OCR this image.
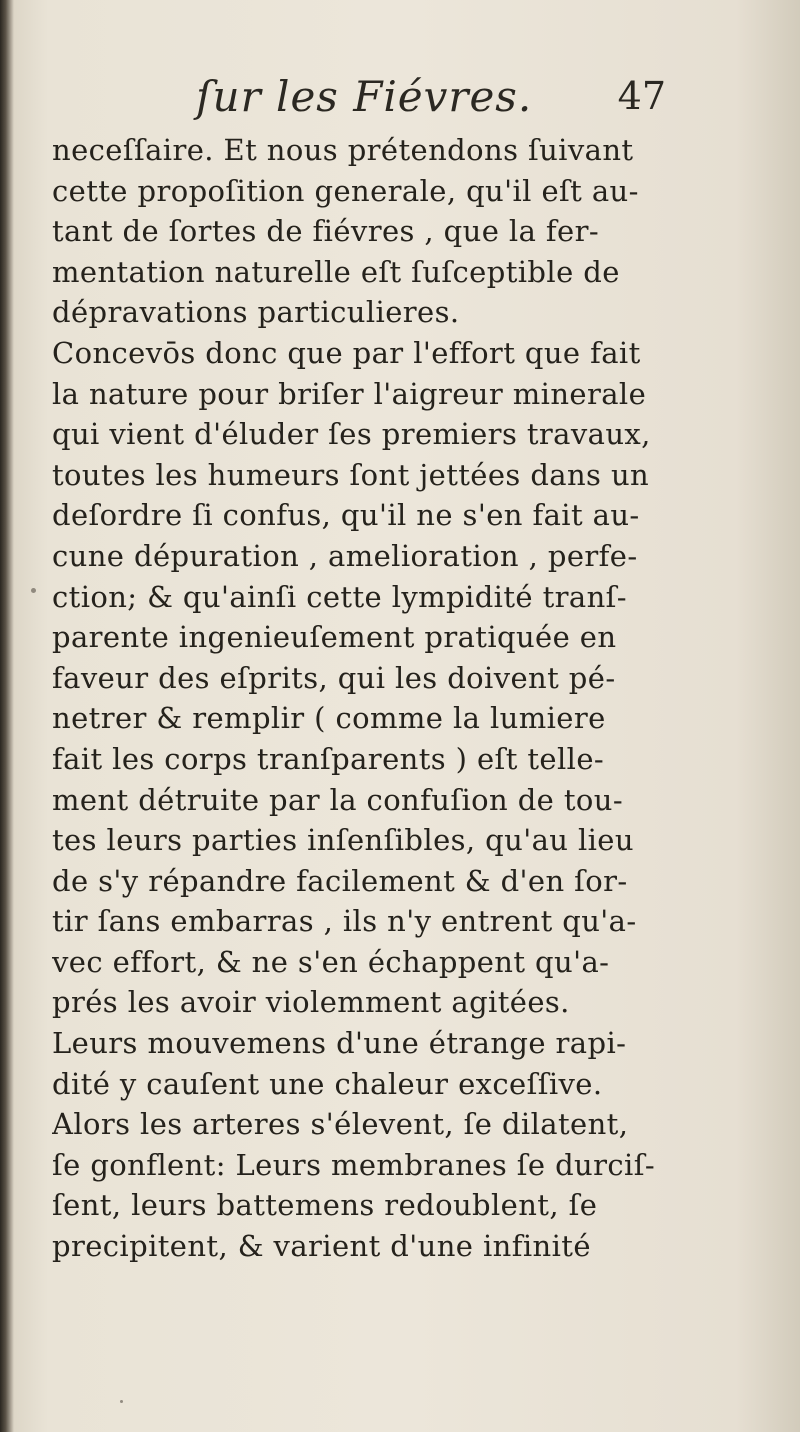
ſur les Fiévres. 47
neceſſaire. Et nous prétendons ſuivant
cette propoſition generale, qu'il eſt au-
tant de ſortes de fiévres , que la fer-
mentation naturelle eſt ſuſceptible de
dépravations particulieres.
Concevōs donc que par l'effort que fait
la nature pour briſer l'aigreur minerale
qui vient d'éluder ſes premiers travaux,
toutes les humeurs ſont jettées dans un
deſordre ſi confus, qu'il ne s'en fait au-
cune dépuration , amelioration , perfe-
ction; & qu'ainſi cette lympidité tranſ-
parente ingenieuſement pratiquée en
faveur des eſprits, qui les doivent pé-
netrer & remplir ( comme la lumiere
fait les corps tranſparents ) eſt telle-
ment détruite par la confuſion de tou-
tes leurs parties inſenſibles, qu'au lieu
de s'y répandre facilement & d'en ſor-
tir ſans embarras , ils n'y entrent qu'a-
vec effort, & ne s'en échappent qu'a-
prés les avoir violemment agitées.
Leurs mouvemens d'une étrange rapi-
dité y cauſent une chaleur exceſſive.
Alors les arteres s'élevent, ſe dilatent,
ſe gonflent: Leurs membranes ſe durciſ-
ſent, leurs battemens redoublent, ſe
precipitent, & varient d'une infinité
